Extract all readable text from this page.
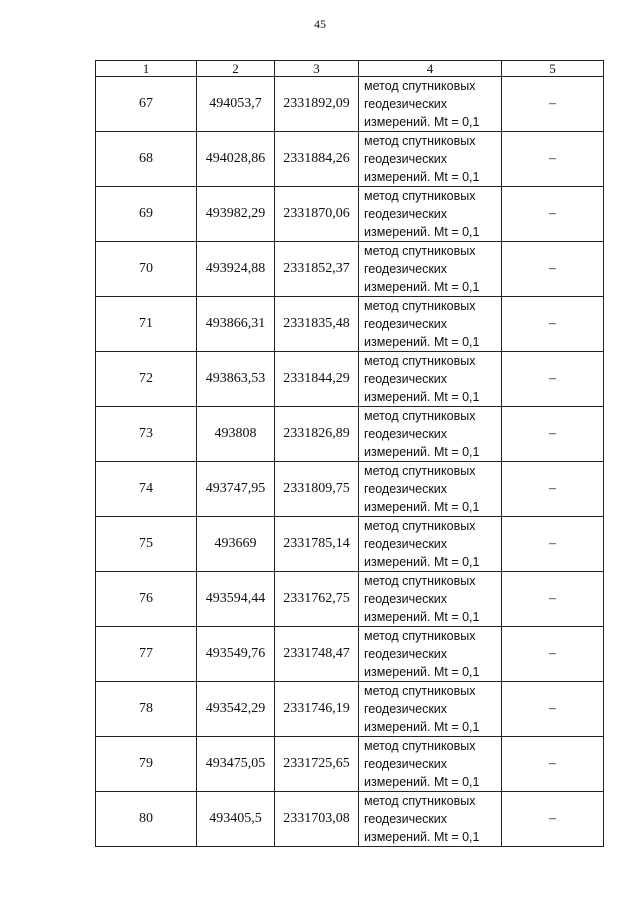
45
1	2	3	4	5
67	494053,7	2331892,09	метод спутниковых
геодезических
измерений. Mt = 0,1	–
68	494028,86	2331884,26	метод спутниковых
геодезических
измерений. Mt = 0,1	–
69	493982,29	2331870,06	метод спутниковых
геодезических
измерений. Mt = 0,1	–
70	493924,88	2331852,37	метод спутниковых
геодезических
измерений. Mt = 0,1	–
71	493866,31	2331835,48	метод спутниковых
геодезических
измерений. Mt = 0,1	–
72	493863,53	2331844,29	метод спутниковых
геодезических
измерений. Mt = 0,1	–
73	493808	2331826,89	метод спутниковых
геодезических
измерений. Mt = 0,1	–
74	493747,95	2331809,75	метод спутниковых
геодезических
измерений. Mt = 0,1	–
75	493669	2331785,14	метод спутниковых
геодезических
измерений. Mt = 0,1	–
76	493594,44	2331762,75	метод спутниковых
геодезических
измерений. Mt = 0,1	–
77	493549,76	2331748,47	метод спутниковых
геодезических
измерений. Mt = 0,1	–
78	493542,29	2331746,19	метод спутниковых
геодезических
измерений. Mt = 0,1	–
79	493475,05	2331725,65	метод спутниковых
геодезических
измерений. Mt = 0,1	–
80	493405,5	2331703,08	метод спутниковых
геодезических
измерений. Mt = 0,1	–
